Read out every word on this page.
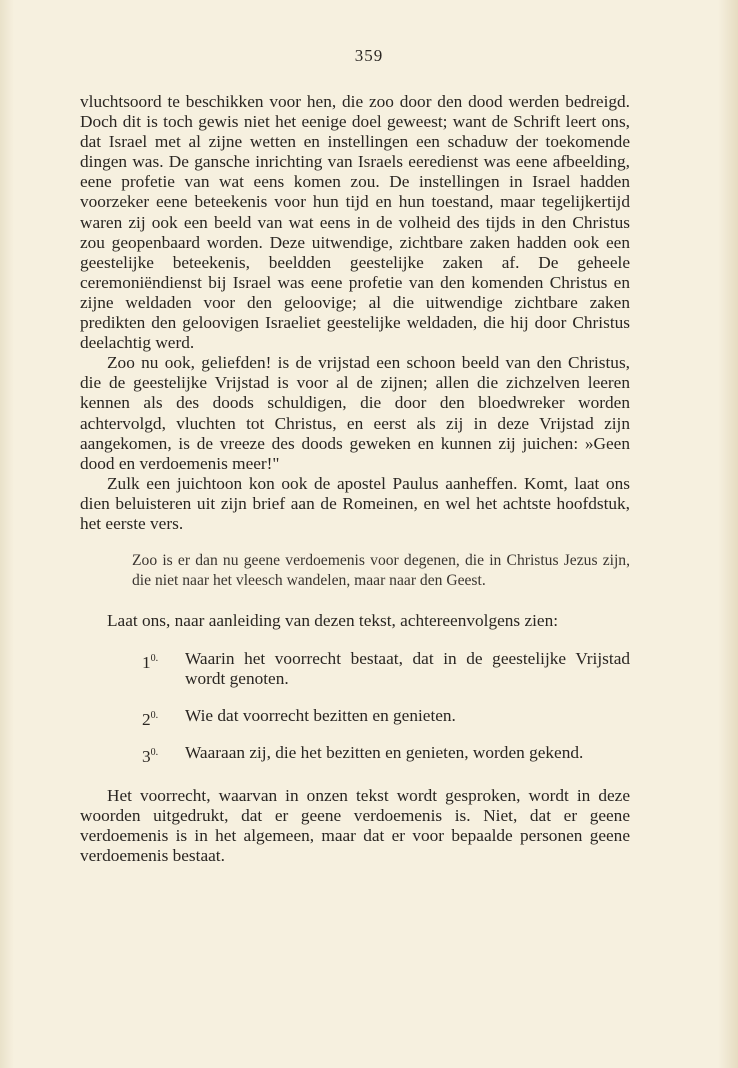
359

vluchtsoord te beschikken voor hen, die zoo door den dood werden bedreigd. Doch dit is toch gewis niet het eenige doel geweest; want de Schrift leert ons, dat Israel met al zijne wetten en instellingen een schaduw der toekomende dingen was. De gansche inrichting van Israels eeredienst was eene afbeelding, eene profetie van wat eens komen zou. De instellingen in Israel hadden voorzeker eene beteekenis voor hun tijd en hun toestand, maar tegelijkertijd waren zij ook een beeld van wat eens in de volheid des tijds in den Christus zou geopenbaard worden. Deze uitwendige, zichtbare zaken hadden ook een geestelijke beteekenis, beeldden geestelijke zaken af. De geheele ceremoniëndienst bij Israel was eene profetie van den komenden Christus en zijne weldaden voor den geloovige; al die uitwendige zichtbare zaken predikten den geloovigen Israeliet geestelijke weldaden, die hij door Christus deelachtig werd.

Zoo nu ook, geliefden! is de vrijstad een schoon beeld van den Christus, die de geestelijke Vrijstad is voor al de zijnen; allen die zichzelven leeren kennen als des doods schuldigen, die door den bloedwreker worden achtervolgd, vluchten tot Christus, en eerst als zij in deze Vrijstad zijn aangekomen, is de vreeze des doods geweken en kunnen zij juichen: »Geen dood en verdoemenis meer!"

Zulk een juichtoon kon ook de apostel Paulus aanheffen. Komt, laat ons dien beluisteren uit zijn brief aan de Romeinen, en wel het achtste hoofdstuk, het eerste vers.

Zoo is er dan nu geene verdoemenis voor degenen, die in Christus Jezus zijn, die niet naar het vleesch wandelen, maar naar den Geest.

Laat ons, naar aanleiding van dezen tekst, achtereenvolgens zien:

$1^{0.}$ Waarin het voorrecht bestaat, dat in de geestelijke Vrijstad wordt genoten.
$2^{0.}$ Wie dat voorrecht bezitten en genieten.
$3^{0.}$ Waaraan zij, die het bezitten en genieten, worden gekend.

Het voorrecht, waarvan in onzen tekst wordt gesproken, wordt in deze woorden uitgedrukt, dat er geene verdoemenis is. Niet, dat er geene verdoemenis is in het algemeen, maar dat er voor bepaalde personen geene verdoemenis bestaat.
